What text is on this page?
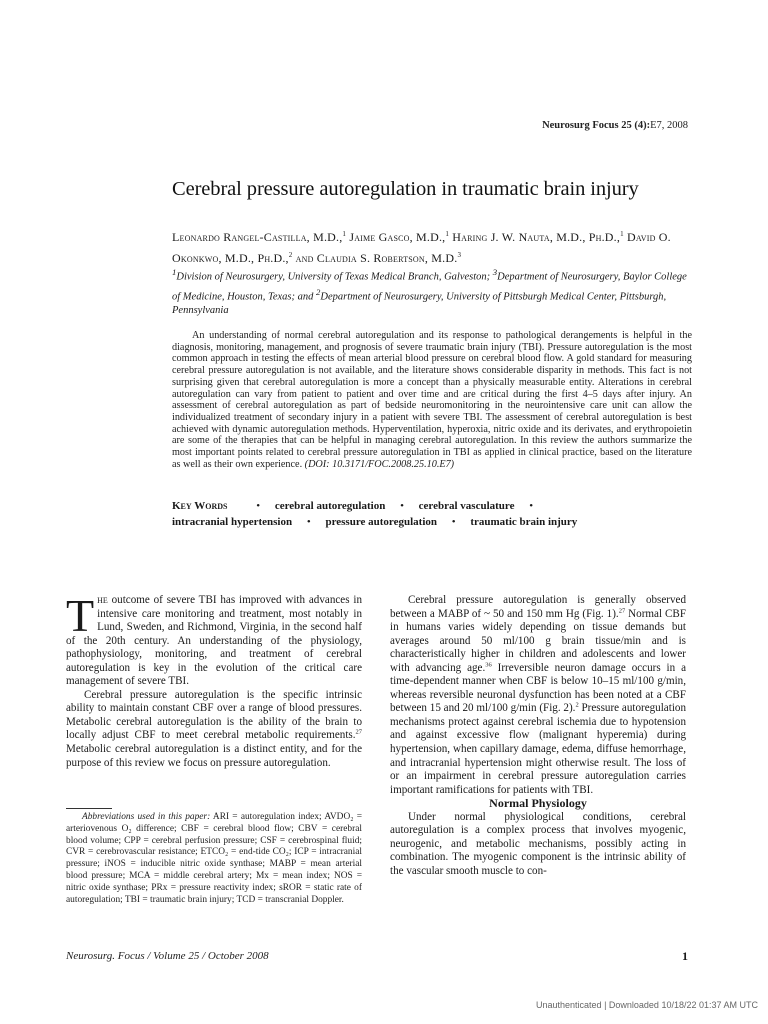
Neurosurg Focus 25 (4):E7, 2008
Cerebral pressure autoregulation in traumatic brain injury
Leonardo Rangel-Castilla, M.D.,$^1$ Jaime Gasco, M.D.,$^1$ Haring J. W. Nauta, M.D., Ph.D.,$^1$ David O. Okonkwo, M.D., Ph.D.,$^2$ and Claudia S. Robertson, M.D.$^3$
$^1$Division of Neurosurgery, University of Texas Medical Branch, Galveston; $^3$Department of Neurosurgery, Baylor College of Medicine, Houston, Texas; and $^2$Department of Neurosurgery, University of Pittsburgh Medical Center, Pittsburgh, Pennsylvania
An understanding of normal cerebral autoregulation and its response to pathological derangements is helpful in the diagnosis, monitoring, management, and prognosis of severe traumatic brain injury (TBI). Pressure autoregulation is the most common approach in testing the effects of mean arterial blood pressure on cerebral blood flow. A gold standard for measuring cerebral pressure autoregulation is not available, and the literature shows considerable disparity in methods. This fact is not surprising given that cerebral autoregulation is more a concept than a physically measurable entity. Alterations in cerebral autoregulation can vary from patient to patient and over time and are critical during the first 4–5 days after injury. An assessment of cerebral autoregulation as part of bedside neuromonitoring in the neurointensive care unit can allow the individualized treatment of secondary injury in a patient with severe TBI. The assessment of cerebral autoregulation is best achieved with dynamic autoregulation methods. Hyperventilation, hyperoxia, nitric oxide and its derivates, and erythropoietin are some of the therapies that can be helpful in managing cerebral autoregulation. In this review the authors summarize the most important points related to cerebral pressure autoregulation in TBI as applied in clinical practice, based on the literature as well as their own experience. (DOI: 10.3171/FOC.2008.25.10.E7)
Key Words	• cerebral autoregulation • cerebral vasculature •
intracranial hypertension • pressure autoregulation • traumatic brain injury

The outcome of severe TBI has improved with advances in intensive care monitoring and treatment, most notably in Lund, Sweden, and Richmond, Virginia, in the second half of the 20th century. An understanding of the physiology, pathophysiology, monitoring, and treatment of cerebral autoregulation is key in the evolution of the critical care management of severe TBI.

Cerebral pressure autoregulation is the specific intrinsic ability to maintain constant CBF over a range of blood pressures. Metabolic cerebral autoregulation is the ability of the brain to locally adjust CBF to meet cerebral metabolic requirements.$^{27}$ Metabolic cerebral autoregulation is a distinct entity, and for the purpose of this review we focus on pressure autoregulation.

Abbreviations used in this paper: ARI = autoregulation index; AVDO₂ = arteriovenous O₂ difference; CBF = cerebral blood flow; CBV = cerebral blood volume; CPP = cerebral perfusion pressure; CSF = cerebrospinal fluid; CVR = cerebrovascular resistance; ETCO₂ = end-tide CO₂; ICP = intracranial pressure; iNOS = inducible nitric oxide synthase; MABP = mean arterial blood pressure; MCA = middle cerebral artery; Mx = mean index; NOS = nitric oxide synthase; PRx = pressure reactivity index; sROR = static rate of autoregulation; TBI = traumatic brain injury; TCD = transcranial Doppler.

Cerebral pressure autoregulation is generally observed between a MABP of ~ 50 and 150 mm Hg (Fig. 1).$^{27}$ Normal CBF in humans varies widely depending on tissue demands but averages around 50 ml/100 g brain tissue/min and is characteristically higher in children and adolescents and lower with advancing age.$^{36}$ Irreversible neuron damage occurs in a time-dependent manner when CBF is below 10–15 ml/100 g/min, whereas reversible neuronal dysfunction has been noted at a CBF between 15 and 20 ml/100 g/min (Fig. 2).$^2$ Pressure autoregulation mechanisms protect against cerebral ischemia due to hypotension and against excessive flow (malignant hyperemia) during hypertension, when capillary damage, edema, diffuse hemorrhage, and intracranial hypertension might otherwise result. The loss of or an impairment in cerebral pressure autoregulation carries important ramifications for patients with TBI.

Normal Physiology

Under normal physiological conditions, cerebral autoregulation is a complex process that involves myogenic, neurogenic, and metabolic mechanisms, possibly acting in combination. The myogenic component is the intrinsic ability of the vascular smooth muscle to con-

Neurosurg. Focus / Volume 25 / October 2008	1
Unauthenticated | Downloaded 10/18/22 01:37 AM UTC
